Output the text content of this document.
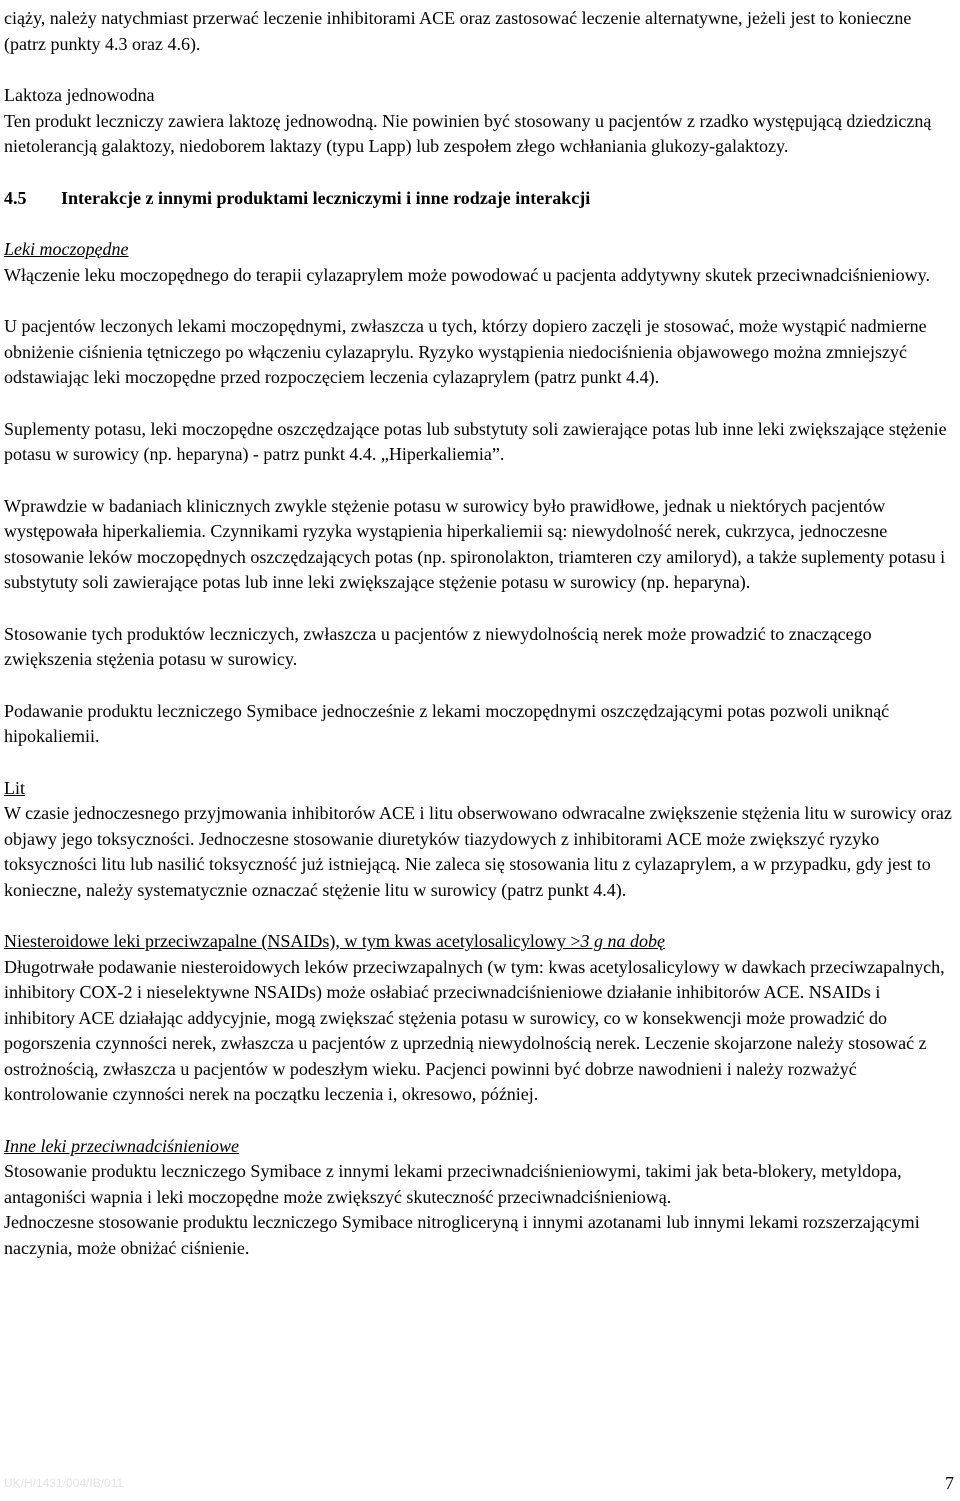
ciąży, należy natychmiast przerwać leczenie inhibitorami ACE oraz zastosować leczenie alternatywne, jeżeli jest to konieczne (patrz punkty 4.3 oraz 4.6).

Laktoza jednowodna

Ten produkt leczniczy zawiera laktozę jednowodną. Nie powinien być stosowany u pacjentów z rzadko występującą dziedziczną nietolerancją galaktozy, niedoborem laktazy (typu Lapp) lub zespołem złego wchłaniania glukozy-galaktozy.

4.5 Interakcje z innymi produktami leczniczymi i inne rodzaje interakcji

Leki moczopędne

Włączenie leku moczopędnego do terapii cylazaprylem może powodować u pacjenta addytywny skutek przeciwnadciśnieniowy.

U pacjentów leczonych lekami moczopędnymi, zwłaszcza u tych, którzy dopiero zaczęli je stosować, może wystąpić nadmierne obniżenie ciśnienia tętniczego po włączeniu cylazaprylu. Ryzyko wystąpienia niedociśnienia objawowego można zmniejszyć odstawiając leki moczopędne przed rozpoczęciem leczenia cylazaprylem (patrz punkt 4.4).

Suplementy potasu, leki moczopędne oszczędzające potas lub substytuty soli zawierające potas lub inne leki zwiększające stężenie potasu w surowicy (np. heparyna) - patrz punkt 4.4. „Hiperkaliemia”.

Wprawdzie w badaniach klinicznych zwykle stężenie potasu w surowicy było prawidłowe, jednak u niektórych pacjentów występowała hiperkaliemia. Czynnikami ryzyka wystąpienia hiperkaliemii są: niewydolność nerek, cukrzyca, jednoczesne stosowanie leków moczopędnych oszczędzających potas (np. spironolakton, triamteren czy amiloryd), a także suplementy potasu i substytuty soli zawierające potas lub inne leki zwiększające stężenie potasu w surowicy (np. heparyna).

Stosowanie tych produktów leczniczych, zwłaszcza u pacjentów z niewydolnością nerek może prowadzić to znaczącego zwiększenia stężenia potasu w surowicy.

Podawanie produktu leczniczego Symibace jednocześnie z lekami moczopędnymi oszczędzającymi potas pozwoli uniknąć hipokaliemii.

Lit

W czasie jednoczesnego przyjmowania inhibitorów ACE i litu obserwowano odwracalne zwiększenie stężenia litu w surowicy oraz objawy jego toksyczności. Jednoczesne stosowanie diuretyków tiazydowych z inhibitorami ACE może zwiększyć ryzyko toksyczności litu lub nasilić toksyczność już istniejącą. Nie zaleca się stosowania litu z cylazaprylem, a w przypadku, gdy jest to konieczne, należy systematycznie oznaczać stężenie litu w surowicy (patrz punkt 4.4).

Niesteroidowe leki przeciwzapalne (NSAIDs), w tym kwas acetylosalicylowy >3 g na dobę

Długotrwałe podawanie niesteroidowych leków przeciwzapalnych (w tym: kwas acetylosalicylowy w dawkach przeciwzapalnych, inhibitory COX-2 i nieselektywne NSAIDs) może osłabiać przeciwnadciśnieniowe działanie inhibitorów ACE. NSAIDs i inhibitory ACE działając addycyjnie, mogą zwiększać stężenia potasu w surowicy, co w konsekwencji może prowadzić do pogorszenia czynności nerek, zwłaszcza u pacjentów z uprzednią niewydolnością nerek. Leczenie skojarzone należy stosować z ostrożnością, zwłaszcza u pacjentów w podeszłym wieku. Pacjenci powinni być dobrze nawodnieni i należy rozważyć kontrolowanie czynności nerek na początku leczenia i, okresowo, później.

Inne leki przeciwnadciśnieniowe

Stosowanie produktu leczniczego Symibace z innymi lekami przeciwnadciśnieniowymi, takimi jak beta-blokery, metyldopa, antagoniści wapnia i leki moczopędne może zwiększyć skuteczność przeciwnadciśnieniową.

Jednoczesne stosowanie produktu leczniczego Symibace nitrogliceryną i innymi azotanami lub innymi lekami rozszerzającymi naczynia, może obniżać ciśnienie.

UK/H/1431/004/IB/011	7
